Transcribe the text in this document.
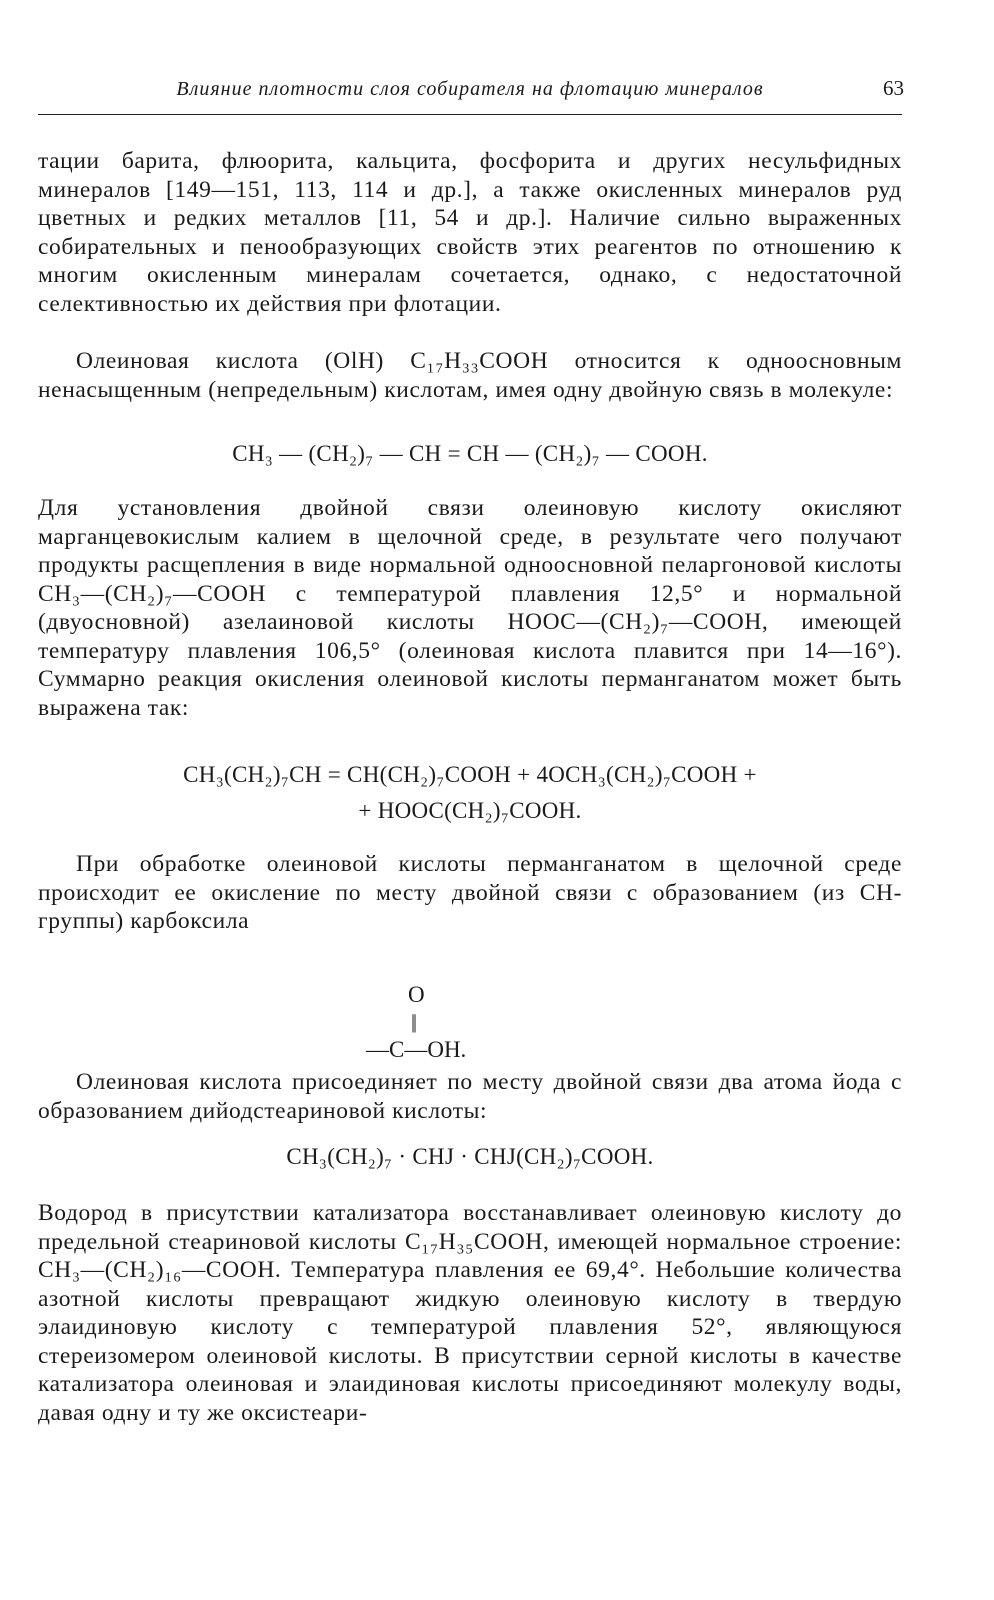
Влияние плотности слоя собирателя на флотацию минералов	63

тации барита, флюорита, кальцита, фосфорита и других несульфидных минералов [149—151, 113, 114 и др.], а также окисленных минералов руд цветных и редких металлов [11, 54 и др.]. Наличие сильно выраженных собирательных и пенообразующих свойств этих реагентов по отношению к многим окисленным минералам сочетается, однако, с недостаточной селективностью их действия при флотации.

Олеиновая кислота (OlH) C₁₇H₃₃COOH относится к одноосновным ненасыщенным (непредельным) кислотам, имея одну двойную связь в молекуле:

CH₃ — (CH₂)₇ — CH = CH — (CH₂)₇ — COOH.

Для установления двойной связи олеиновую кислоту окисляют марганцевокислым калием в щелочной среде, в результате чего получают продукты расщепления в виде нормальной одноосновной пеларгоновой кислоты CH₃—(CH₂)₇—COOH с температурой плавления 12,5° и нормальной (двуосновной) азелаиновой кислоты HOOC—(CH₂)₇—COOH, имеющей температуру плавления 106,5° (олеиновая кислота плавится при 14—16°). Суммарно реакция окисления олеиновой кислоты перманганатом может быть выражена так:

CH₃(CH₂)₇CH = CH(CH₂)₇COOH + 4OCH₃(CH₂)₇COOH +
+ HOOC(CH₂)₇COOH.

При обработке олеиновой кислоты перманганатом в щелочной среде происходит ее окисление по месту двойной связи с образованием (из CH-группы) карбоксила

O
||
—C—OH.

Олеиновая кислота присоединяет по месту двойной связи два атома йода с образованием дийодстеариновой кислоты:

CH₃(CH₂)₇ · CHJ · CHJ(CH₂)₇COOH.

Водород в присутствии катализатора восстанавливает олеиновую кислоту до предельной стеариновой кислоты C₁₇H₃₅COOH, имеющей нормальное строение: CH₃—(CH₂)₁₆—COOH. Температура плавления ее 69,4°. Небольшие количества азотной кислоты превращают жидкую олеиновую кислоту в твердую элаидиновую кислоту с температурой плавления 52°, являющуюся стереизомером олеиновой кислоты. В присутствии серной кислоты в качестве катализатора олеиновая и элаидиновая кислоты присоединяют молекулу воды, давая одну и ту же оксистеари-
